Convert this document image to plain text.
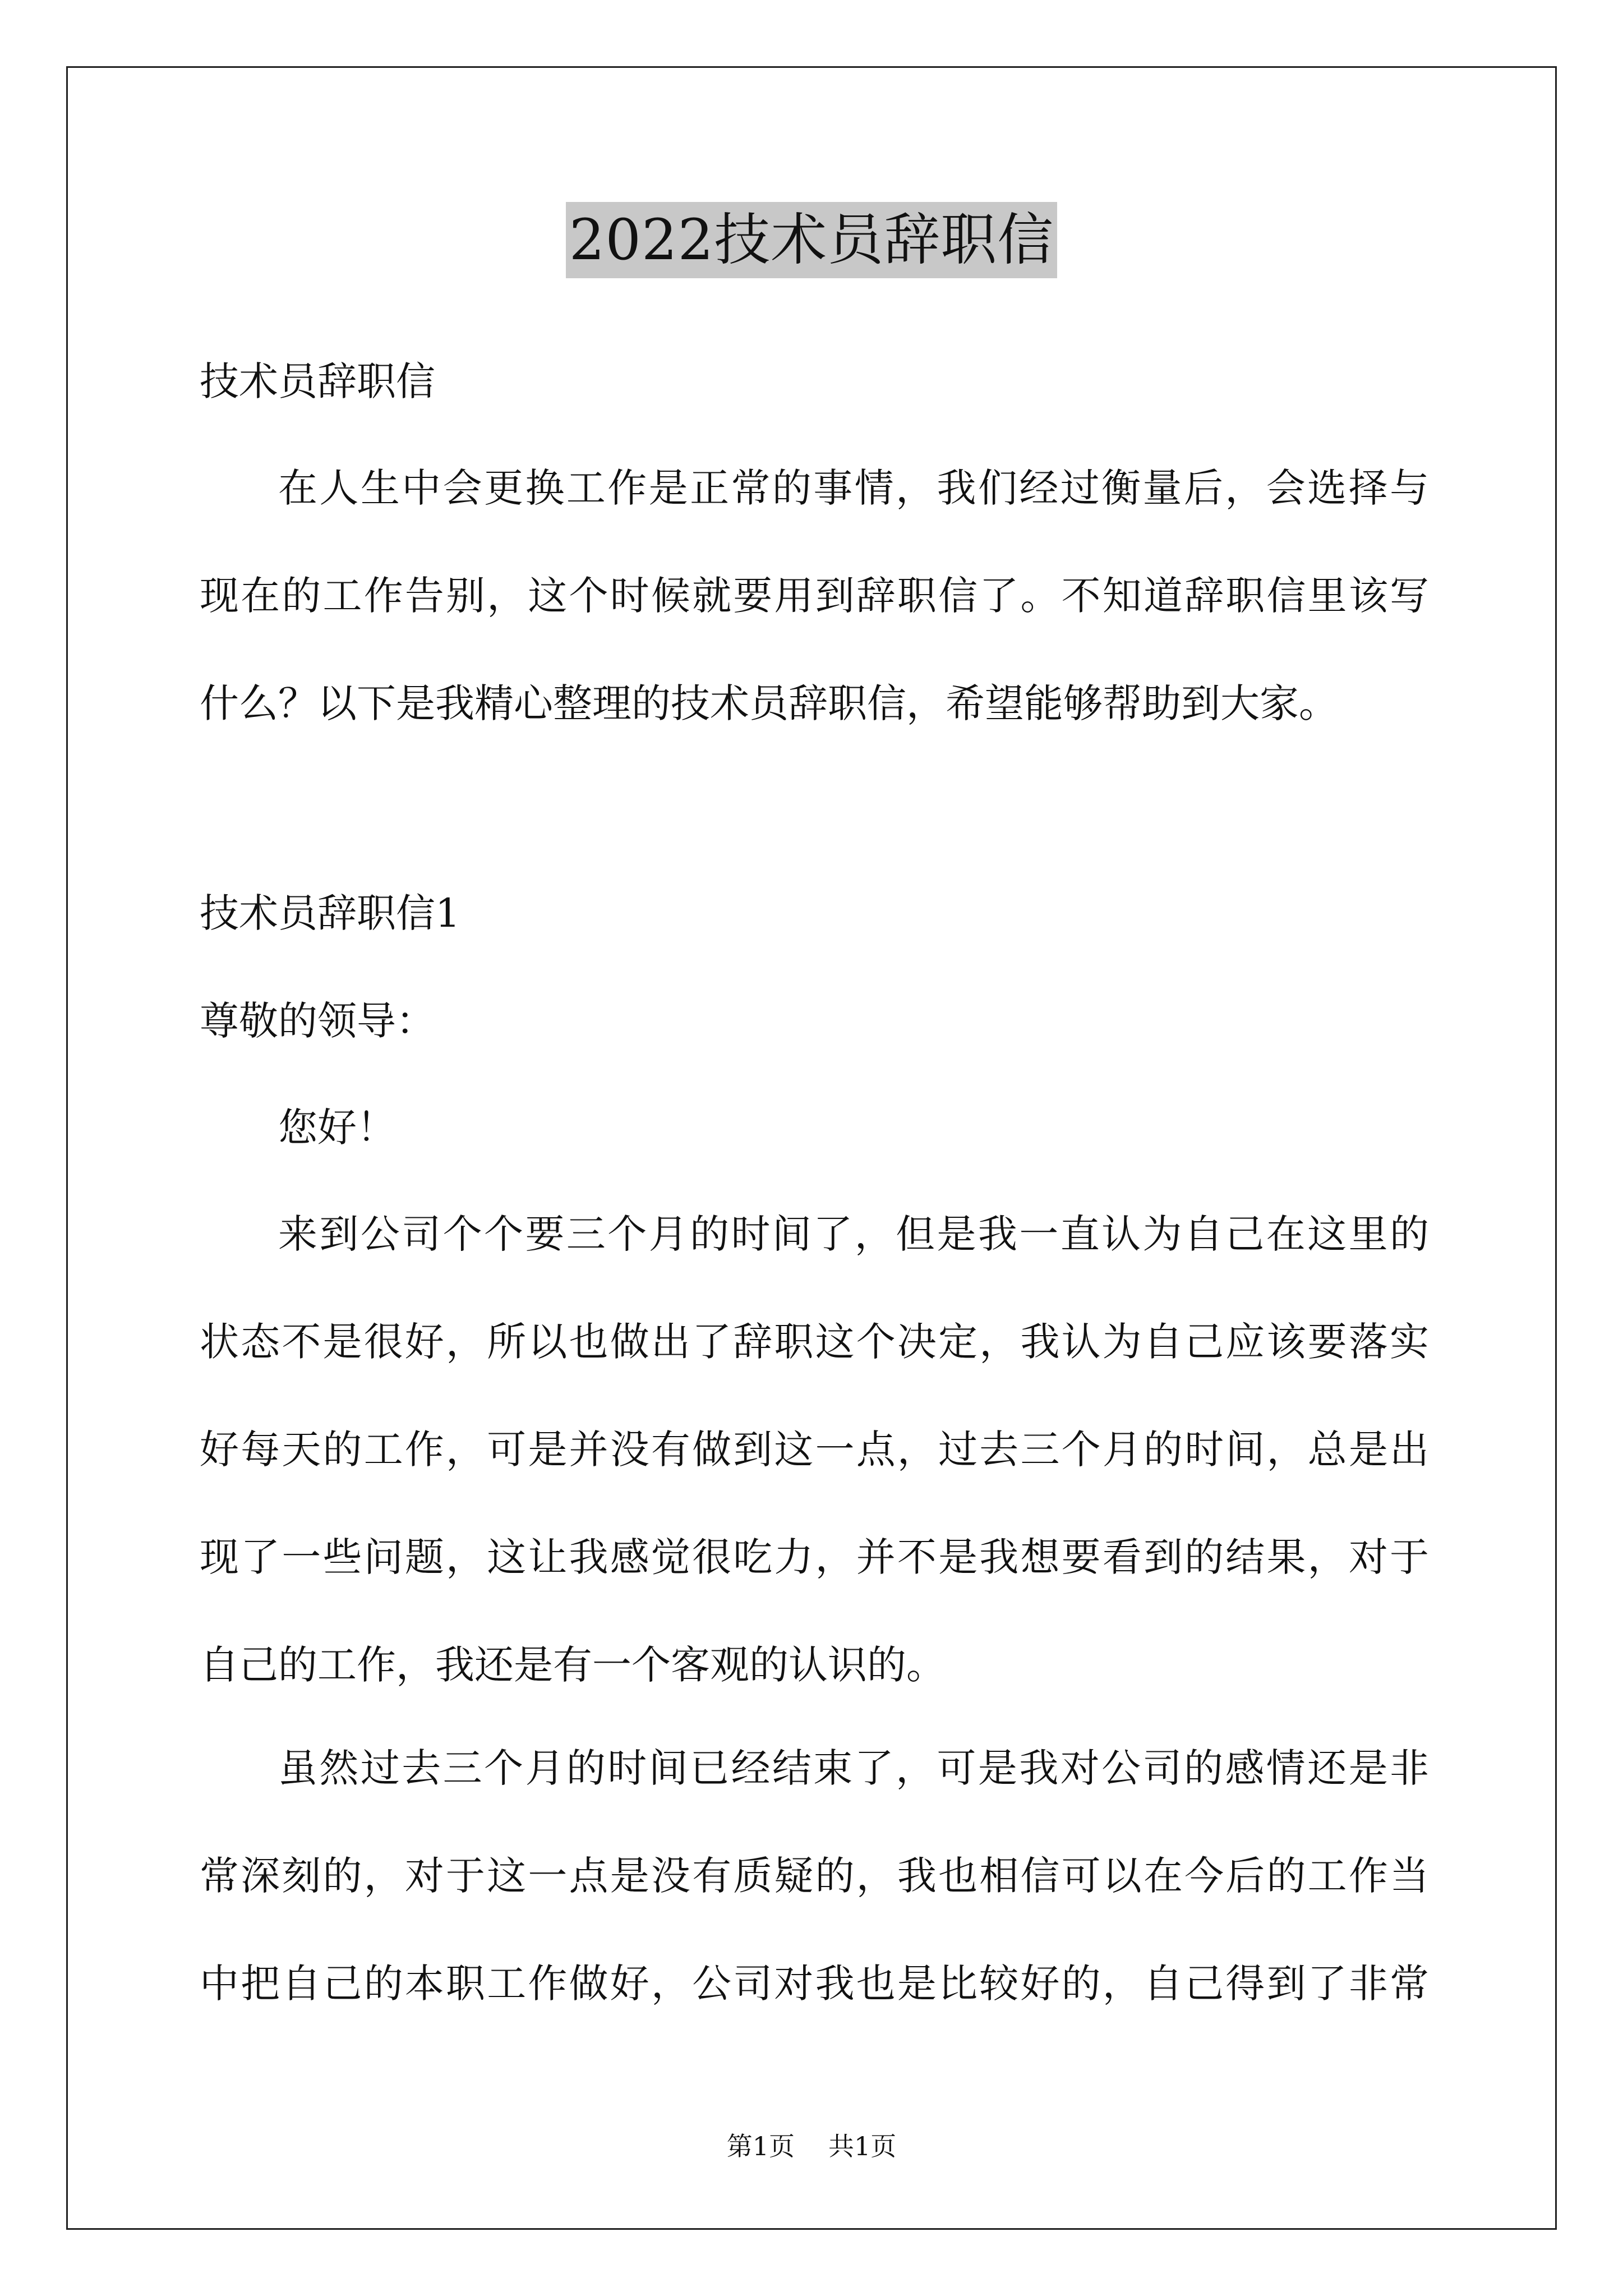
2022技术员辞职信
技术员辞职信
在人生中会更换工作是正常的事情，我们经过衡量后，会选择与
现在的工作告别，这个时候就要用到辞职信了。不知道辞职信里该写
什么？以下是我精心整理的技术员辞职信，希望能够帮助到大家。
技术员辞职信1
尊敬的领导：
您好！
来到公司个个要三个月的时间了，但是我一直认为自己在这里的
状态不是很好，所以也做出了辞职这个决定，我认为自己应该要落实
好每天的工作，可是并没有做到这一点，过去三个月的时间，总是出
现了一些问题，这让我感觉很吃力，并不是我想要看到的结果，对于
自己的工作，我还是有一个客观的认识的。
虽然过去三个月的时间已经结束了，可是我对公司的感情还是非
常深刻的，对于这一点是没有质疑的，我也相信可以在今后的工作当
中把自己的本职工作做好，公司对我也是比较好的，自己得到了非常
第1页 共1页
